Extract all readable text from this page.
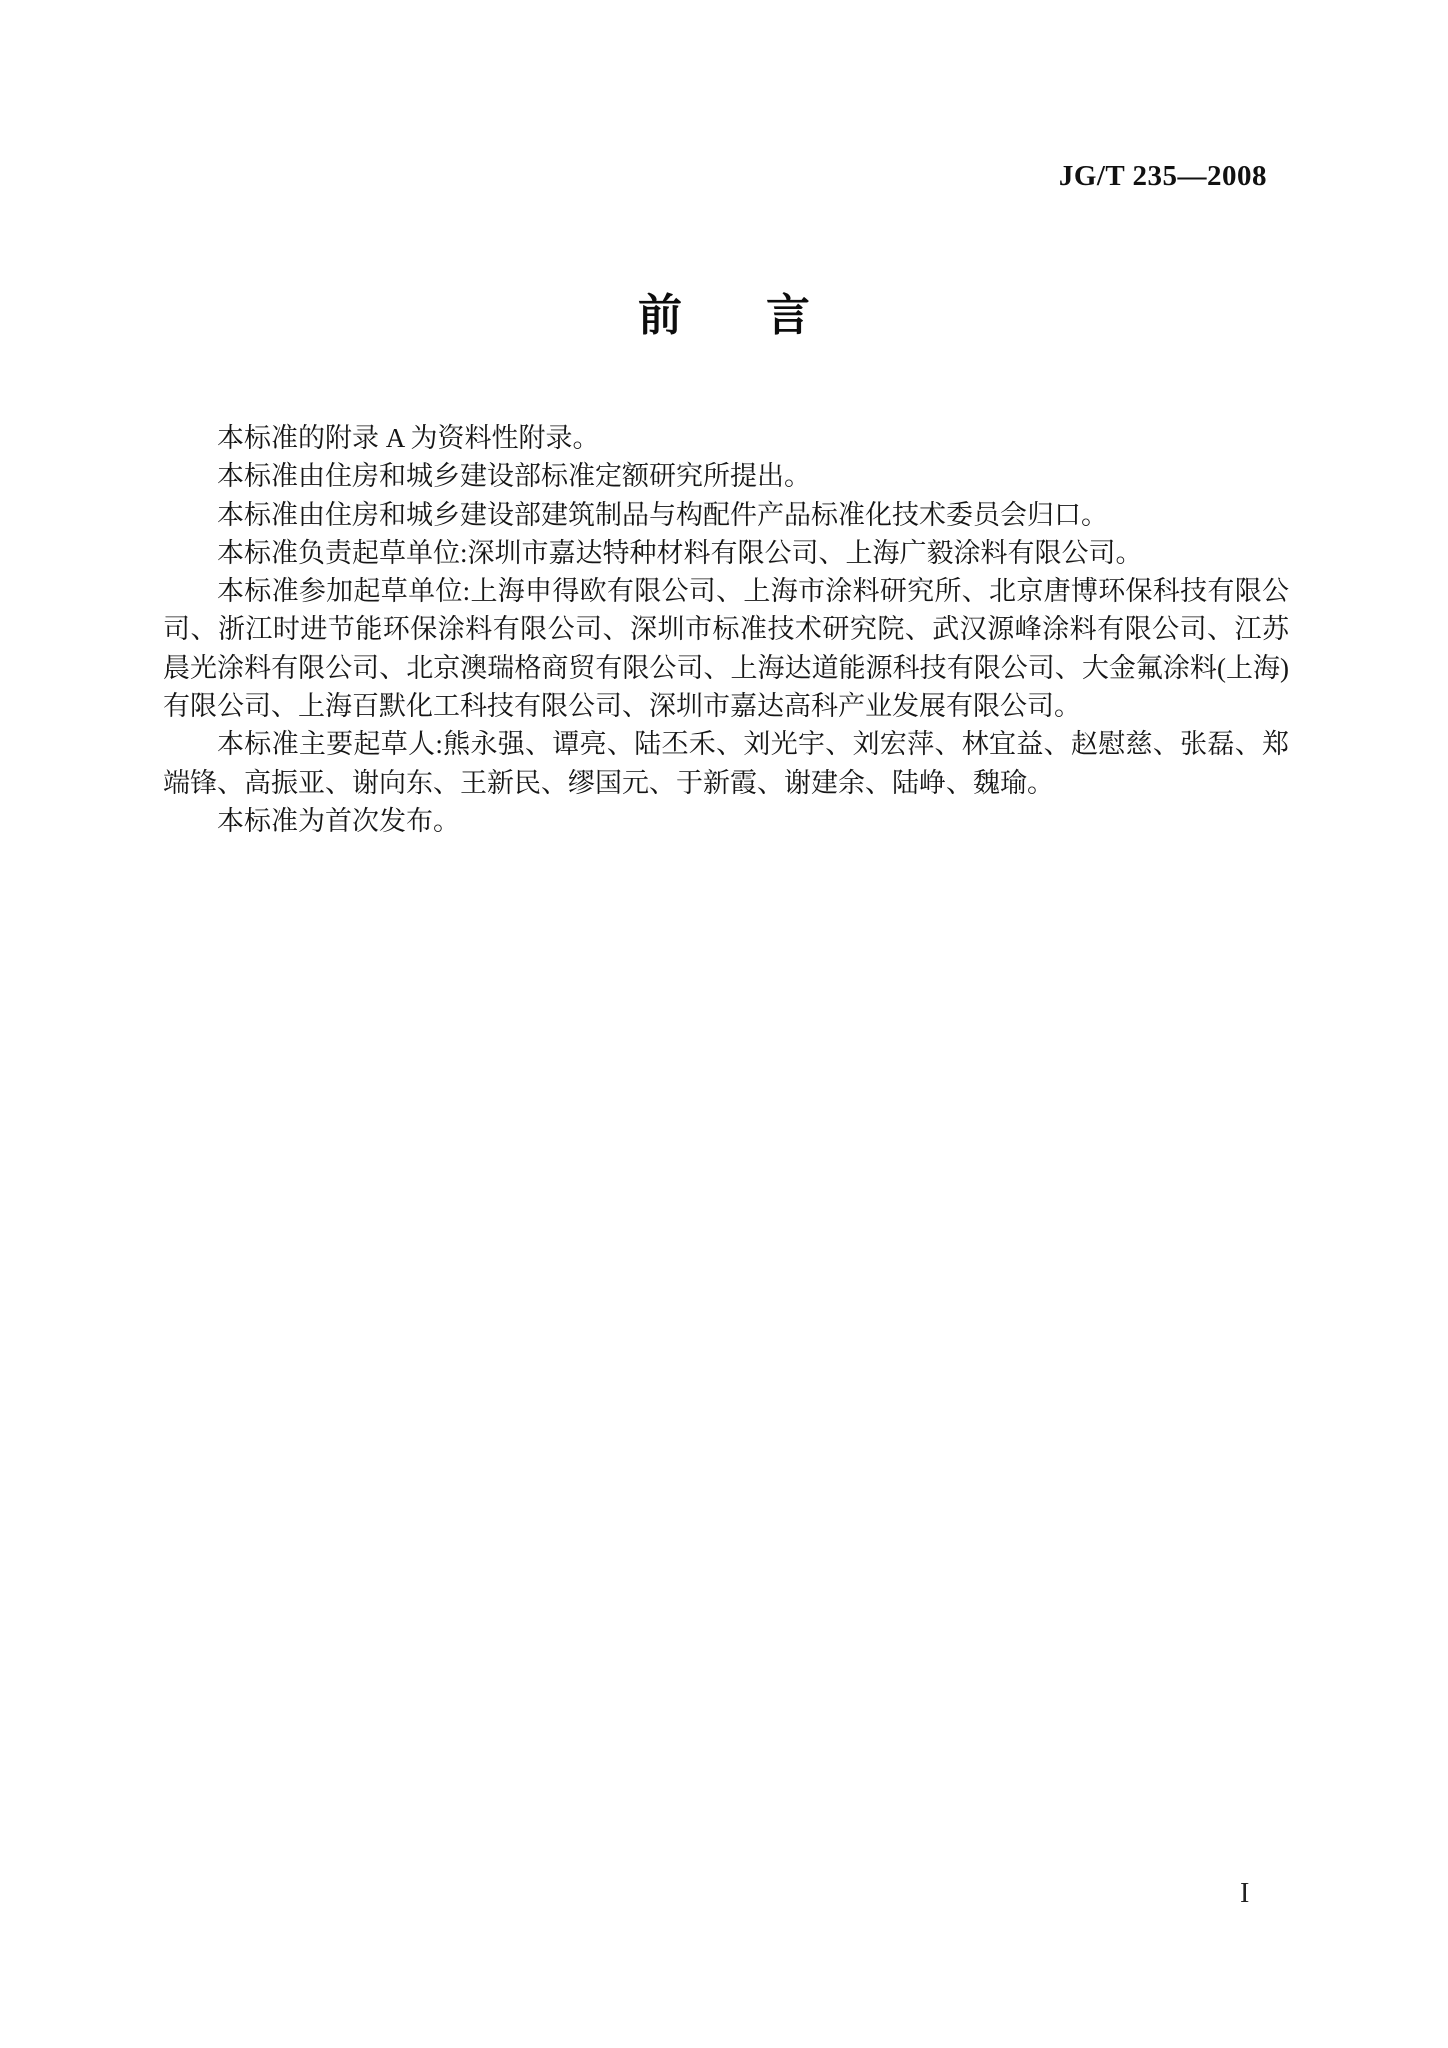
JG/T 235—2008
前 言

本标准的附录 A 为资料性附录。

本标准由住房和城乡建设部标准定额研究所提出。

本标准由住房和城乡建设部建筑制品与构配件产品标准化技术委员会归口。

本标准负责起草单位:深圳市嘉达特种材料有限公司、上海广毅涂料有限公司。

本标准参加起草单位:上海申得欧有限公司、上海市涂料研究所、北京唐博环保科技有限公司、浙江时进节能环保涂料有限公司、深圳市标准技术研究院、武汉源峰涂料有限公司、江苏晨光涂料有限公司、北京澳瑞格商贸有限公司、上海达道能源科技有限公司、大金氟涂料(上海)有限公司、上海百默化工科技有限公司、深圳市嘉达高科产业发展有限公司。

本标准主要起草人:熊永强、谭亮、陆丕禾、刘光宇、刘宏萍、林宜益、赵慰慈、张磊、郑端锋、高振亚、谢向东、王新民、缪国元、于新霞、谢建余、陆峥、魏瑜。

本标准为首次发布。

I
